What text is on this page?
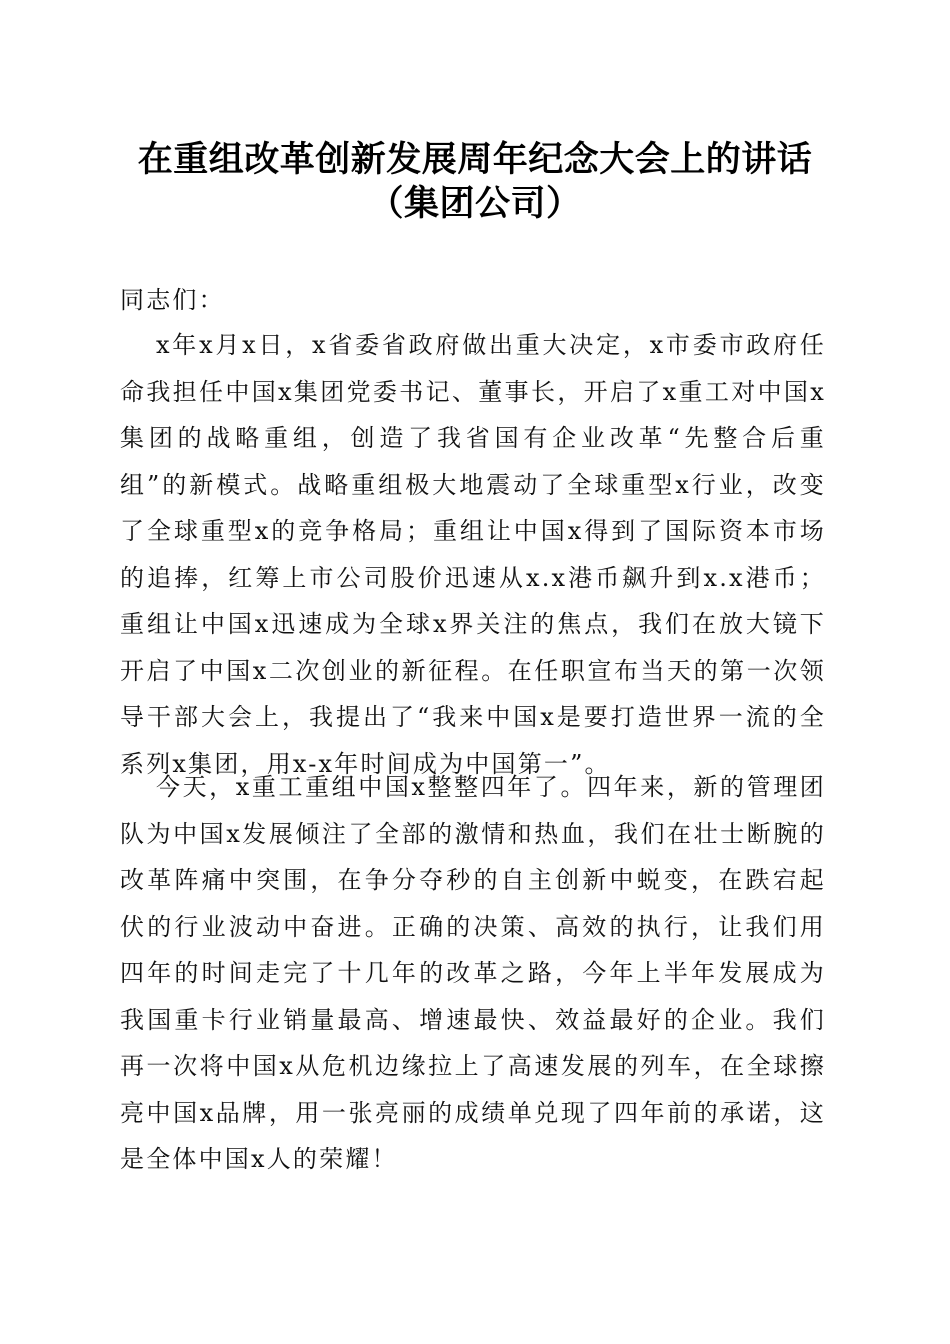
在重组改革创新发展周年纪念大会上的讲话
（集团公司）
同志们：

x年x月x日，x省委省政府做出重大决定，x市委市政府任命我担任中国x集团党委书记、董事长，开启了x重工对中国x集团的战略重组，创造了我省国有企业改革“先整合后重组”的新模式。战略重组极大地震动了全球重型x行业，改变了全球重型x的竞争格局；重组让中国x得到了国际资本市场的追捧，红筹上市公司股价迅速从x.x港币飙升到x.x港币；重组让中国x迅速成为全球x界关注的焦点，我们在放大镜下开启了中国x二次创业的新征程。在任职宣布当天的第一次领导干部大会上，我提出了“我来中国x是要打造世界一流的全系列x集团，用x-x年时间成为中国第一”。

今天，x重工重组中国x整整四年了。四年来，新的管理团队为中国x发展倾注了全部的激情和热血，我们在壮士断腕的改革阵痛中突围，在争分夺秒的自主创新中蜕变，在跌宕起伏的行业波动中奋进。正确的决策、高效的执行，让我们用四年的时间走完了十几年的改革之路，今年上半年发展成为我国重卡行业销量最高、增速最快、效益最好的企业。我们再一次将中国x从危机边缘拉上了高速发展的列车，在全球擦亮中国x品牌，用一张亮丽的成绩单兑现了四年前的承诺，这是全体中国x人的荣耀！
